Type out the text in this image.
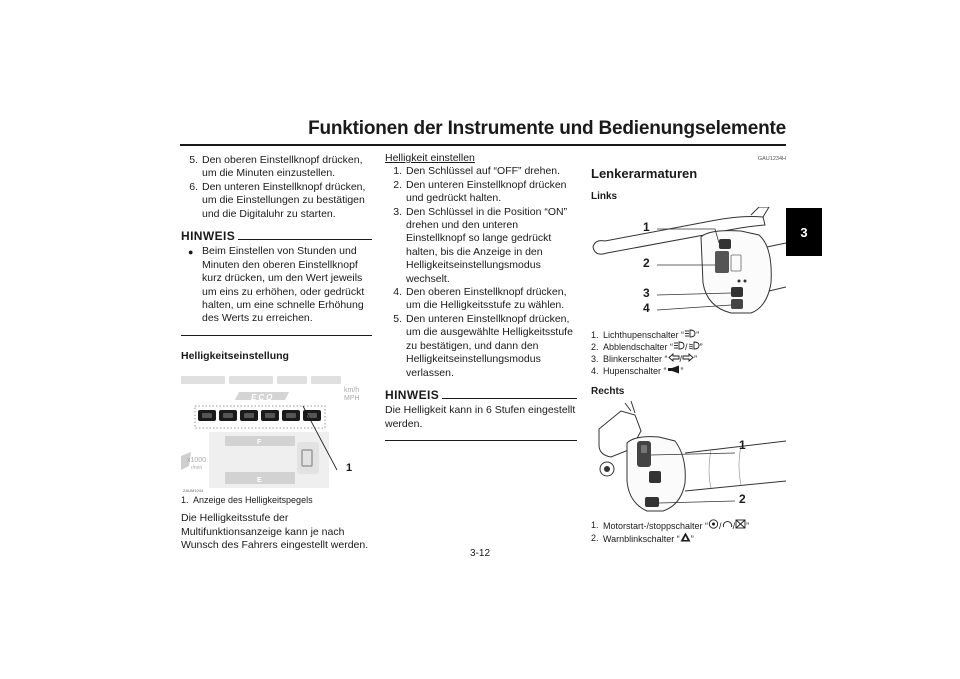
Funktionen der Instrumente und Bedienungselemente
3
5. Den oberen Einstellknopf drücken, um die Minuten einzustellen.
6. Den unteren Einstellknopf drücken, um die Einstellungen zu bestätigen und die Digitaluhr zu starten.
HINWEIS
● Beim Einstellen von Stunden und Minuten den oberen Einstellknopf kurz drücken, um den Wert jeweils um eins zu erhöhen, oder gedrückt halten, um eine schnelle Erhöhung des Werts zu erreichen.
Helligkeitseinstellung
km/h
MPH
ECO
x1000
r/min
F
E
1
ZAUM1044
1. Anzeige des Helligkeitspegels
Die Helligkeitsstufe der Multifunktionsanzeige kann je nach Wunsch des Fahrers eingestellt werden.
Helligkeit einstellen
1. Den Schlüssel auf “OFF” drehen.
2. Den unteren Einstellknopf drücken und gedrückt halten.
3. Den Schlüssel in die Position “ON” drehen und den unteren Einstellknopf so lange gedrückt halten, bis die Anzeige in den Helligkeitseinstellungsmodus wechselt.
4. Den oberen Einstellknopf drücken, um die Helligkeitsstufe zu wählen.
5. Den unteren Einstellknopf drücken, um die ausgewählte Helligkeitsstufe zu bestätigen, und dann den Helligkeitseinstellungsmodus verlassen.
HINWEIS
Die Helligkeit kann in 6 Stufen eingestellt werden.
GAU1234H
Lenkerarmaturen
Links
1
2
3
4
1. Lichthupenschalter “ ”
2. Abblendschalter “ / ”
3. Blinkerschalter “ / ”
4. Hupenschalter “ ”
Rechts
1
2
1. Motorstart-/stoppschalter “ / / ”
2. Warnblinkschalter “ ”
3-12
